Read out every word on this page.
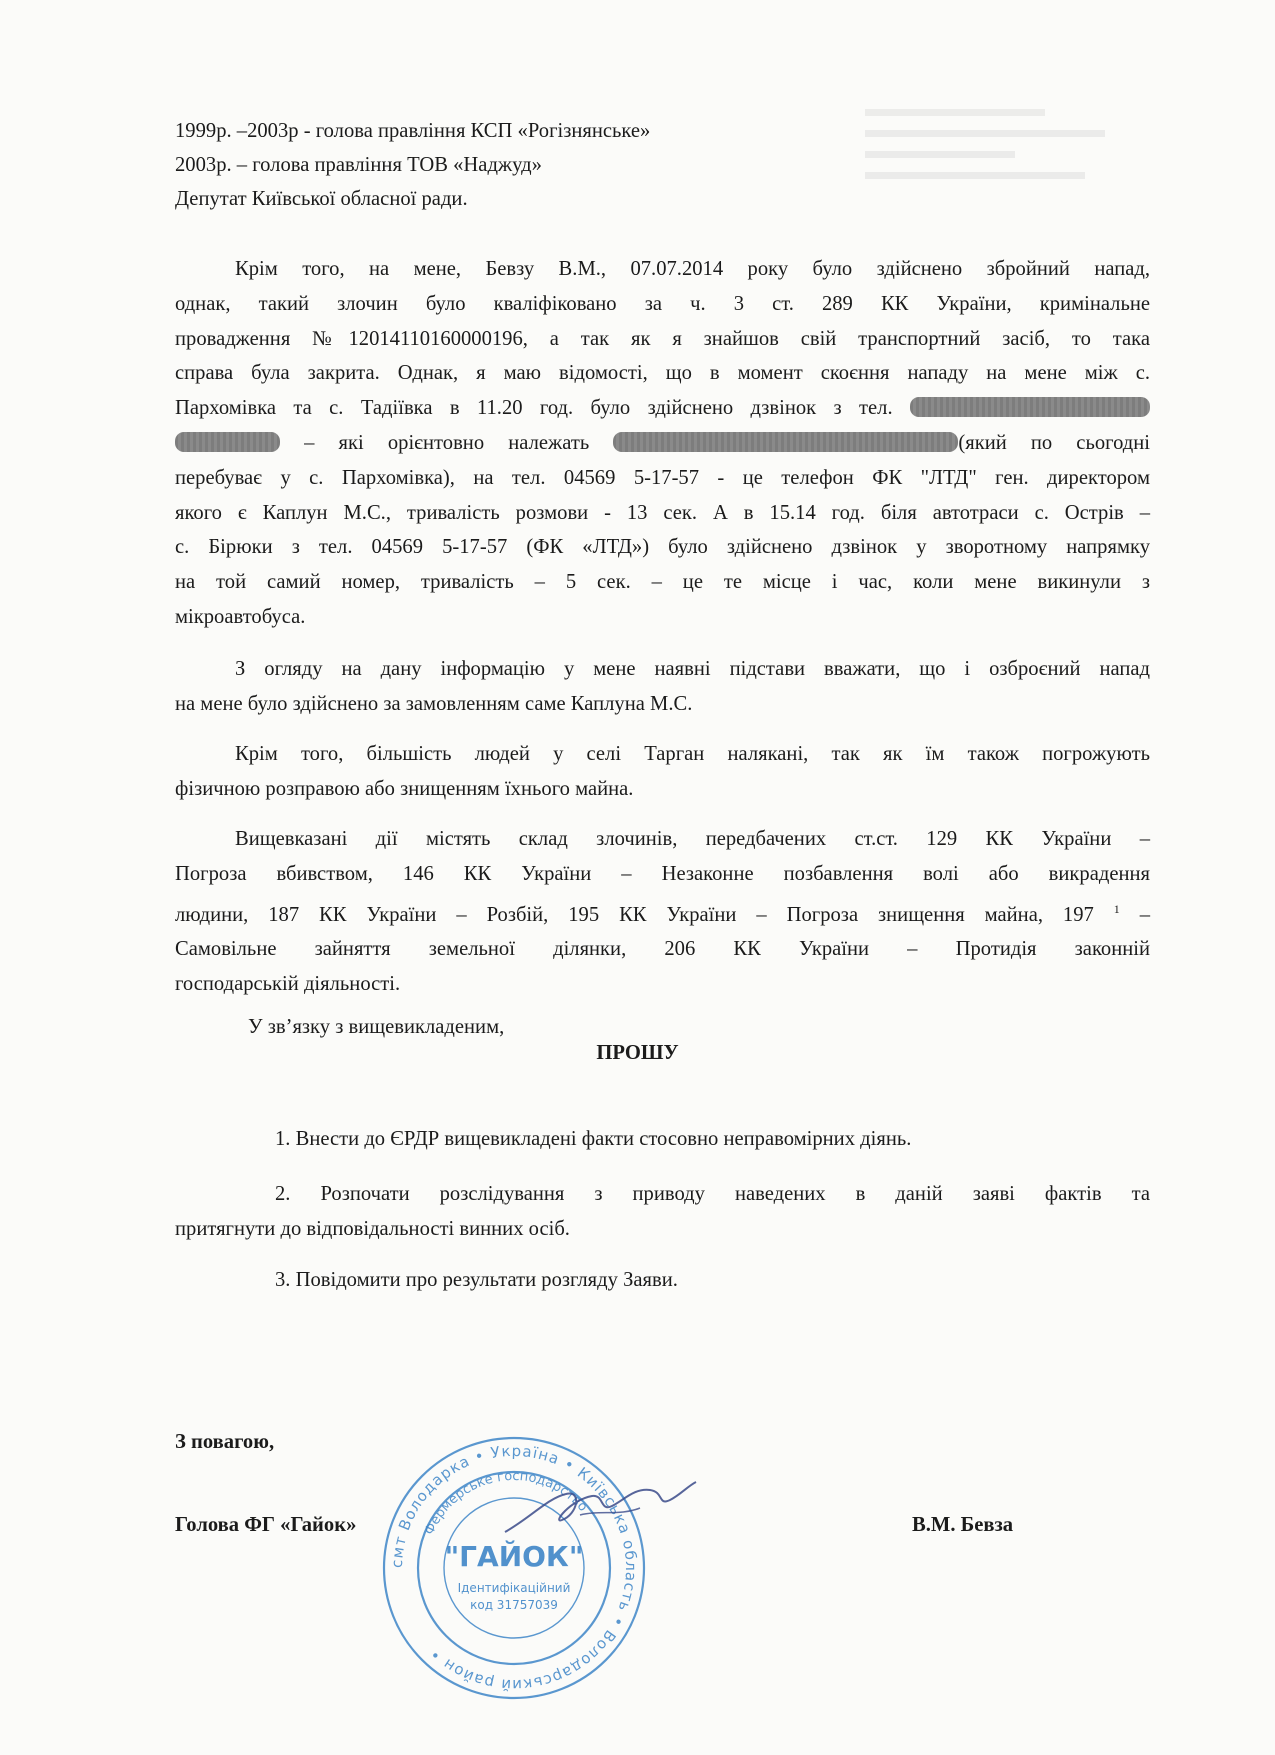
1999р. –2003р - голова правління КСП «Рогізнянське»
2003р. – голова правління ТОВ «Наджуд»
Депутат Київської обласної ради.

Крім того, на мене, Бевзу В.М., 07.07.2014 року було здійснено збройний напад,

однак, такий злочин було кваліфіковано за ч. 3 ст. 289 КК України, кримінальне

провадження №12014110160000196, а так як я знайшов свій транспортний засіб, то така

справа була закрита. Однак, я маю відомості, що в момент скоєння нападу на мене між с.

Пархомівка та с. Тадіївка в 11.20 год. було здійснено дзвінок з тел.

– які орієнтовно належать	(який по сьогодні

перебуває у с. Пархомівка), на тел. 04569 5-17-57 - це телефон ФК "ЛТД" ген. директором

якого є Каплун М.С., тривалість розмови - 13 сек. А в 15.14 год. біля автотраси с. Острів –

с. Бірюки з тел. 04569 5-17-57 (ФК «ЛТД») було здійснено дзвінок у зворотному напрямку

на той самий номер, тривалість – 5 сек. – це те місце і час, коли мене викинули з

мікроавтобуса.

З огляду на дану інформацію у мене наявні підстави вважати, що і озброєний напад

на мене було здійснено за замовленням саме Каплуна М.С.

Крім того, більшість людей у селі Тарган налякані, так як їм також погрожують

фізичною розправою або знищенням їхнього майна.

Вищевказані дії містять склад злочинів, передбачених ст.ст. 129 КК України –

Погроза вбивством, 146 КК України – Незаконне позбавлення волі або викрадення

людини, 187 КК України – Розбій, 195 КК України – Погроза знищення майна, 197 $^1$ –

Самовільне зайняття земельної ділянки, 206 КК України – Протидія законній

господарській діяльності.

У зв’язку з вищевикладеним,
ПРОШУ
1. Внести до ЄРДР вищевикладені факти стосовно неправомірних діянь.

2. Розпочати розслідування з приводу наведених в даній заяві фактів та

притягнути до відповідальності винних осіб.

3. Повідомити про результати розгляду Заяви.
З повагою,
Голова ФГ «Гайок»	В.М. Бевза
смт Володарка • Україна • Київська область • Володарський район •
Фермерське господарство
"ГАЙОК"
Ідентифікаційний
код 31757039
